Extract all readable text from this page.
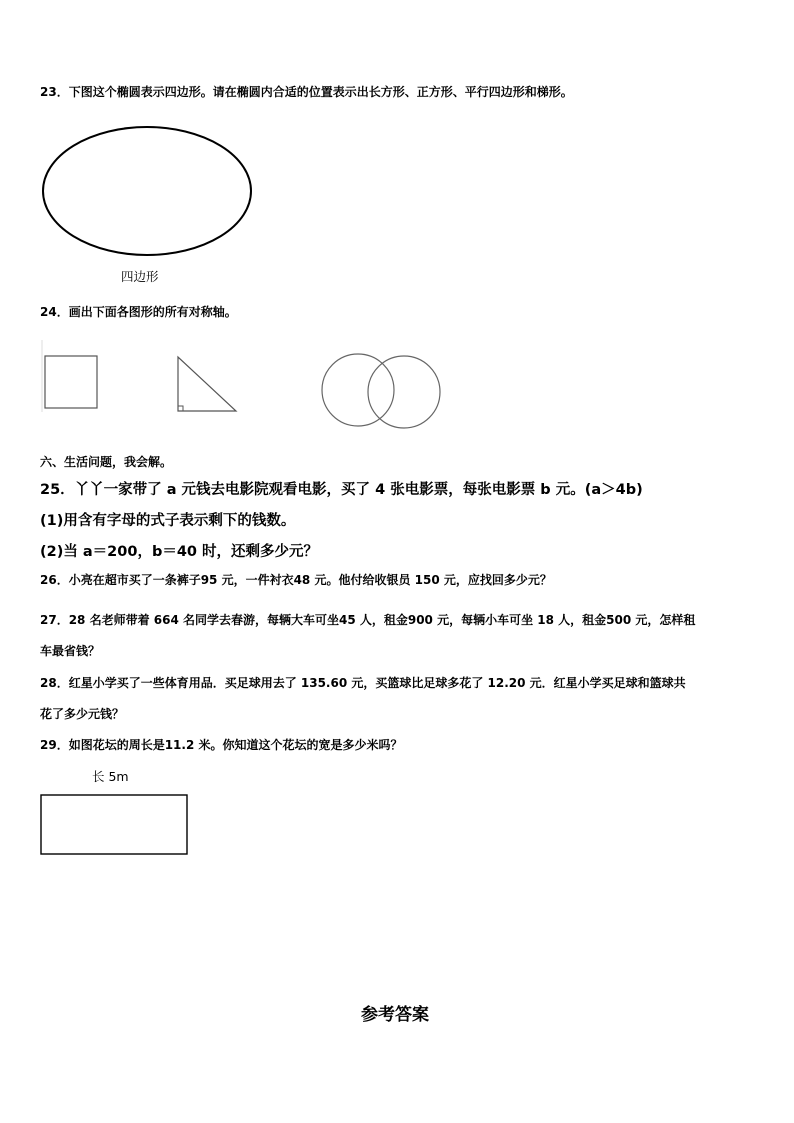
23．下图这个椭圆表示四边形。请在椭圆内合适的位置表示出长方形、正方形、平行四边形和梯形。
四边形
24．画出下面各图形的所有对称轴。
六、生活问题，我会解。
25．丫丫一家带了 a 元钱去电影院观看电影，买了 4 张电影票，每张电影票 b 元。(a＞4b)
(1)用含有字母的式子表示剩下的钱数。
(2)当 a＝200，b＝40 时，还剩多少元？
26．小亮在超市买了一条裤子95 元，一件衬衣48 元。他付给收银员 150 元，应找回多少元？
27．28 名老师带着 664 名同学去春游，每辆大车可坐45 人，租金900 元，每辆小车可坐 18 人，租金500 元，怎样租
车最省钱？
28．红星小学买了一些体育用品．买足球用去了 135.60 元，买篮球比足球多花了 12.20 元．红星小学买足球和篮球共
花了多少元钱？
29．如图花坛的周长是11.2 米。你知道这个花坛的宽是多少米吗？
长 5m
参考答案
